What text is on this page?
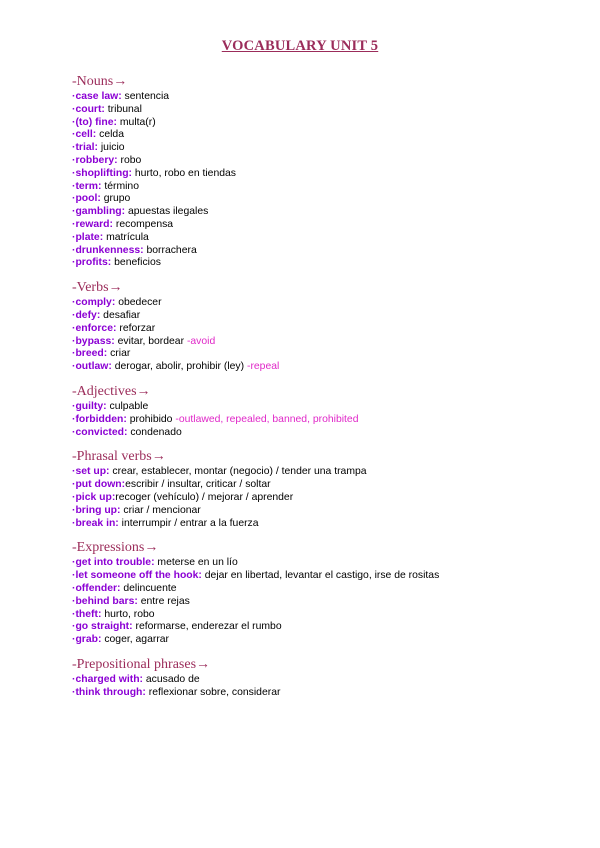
VOCABULARY UNIT 5
-Nouns→
·case law: sentencia
·court: tribunal
·(to) fine: multa(r)
·cell: celda
·trial: juicio
·robbery: robo
·shoplifting: hurto, robo en tiendas
·term: término
·pool: grupo
·gambling: apuestas ilegales
·reward: recompensa
·plate: matrícula
·drunkenness: borrachera
·profits: beneficios
-Verbs→
·comply: obedecer
·defy: desafiar
·enforce: reforzar
·bypass: evitar, bordear -avoid
·breed: criar
·outlaw: derogar, abolir, prohibir (ley) -repeal
-Adjectives→
·guilty: culpable
·forbidden: prohibido -outlawed, repealed, banned, prohibited
·convicted: condenado
-Phrasal verbs→
·set up: crear, establecer, montar (negocio) / tender una trampa
·put down:escribir / insultar, criticar / soltar
·pick up:recoger (vehículo) / mejorar / aprender
·bring up: criar / mencionar
·break in: interrumpir / entrar a la fuerza
-Expressions→
·get into trouble: meterse en un lío
·let someone off the hook: dejar en libertad, levantar el castigo, irse de rositas
·offender: delincuente
·behind bars: entre rejas
·theft: hurto, robo
·go straight: reformarse, enderezar el rumbo
·grab: coger, agarrar
-Prepositional phrases→
·charged with: acusado de
·think through: reflexionar sobre, considerar
